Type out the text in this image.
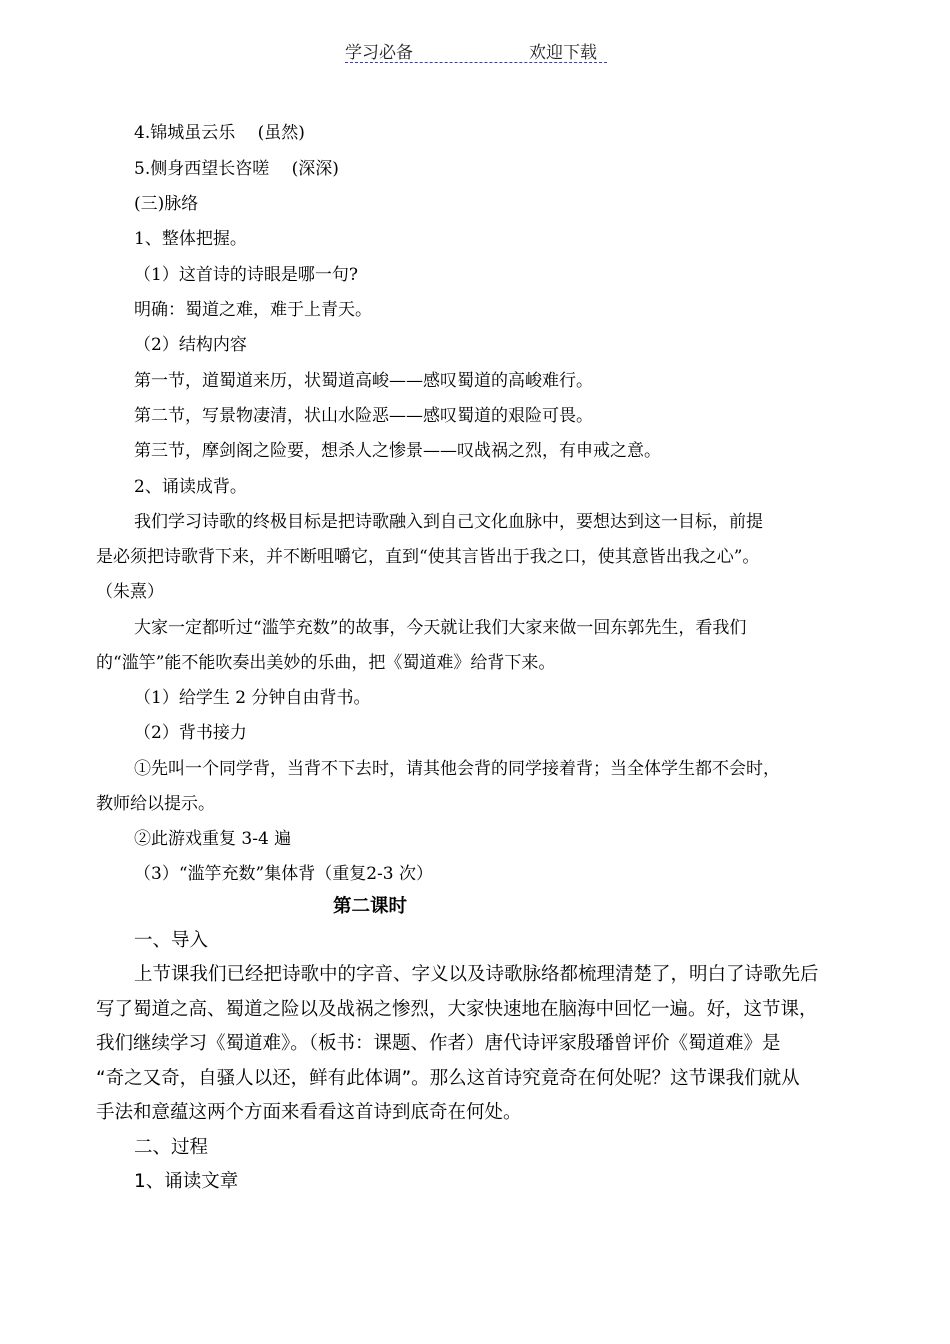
学习必备	欢迎下载
4.锦城虽云乐　 (虽然)
5.侧身西望长咨嗟　 (深深)
(三)脉络
1、整体把握。
（1）这首诗的诗眼是哪一句?
明确：蜀道之难，难于上青天。
（2）结构内容
第一节，道蜀道来历，状蜀道高峻——感叹蜀道的高峻难行。
第二节，写景物凄清，状山水险恶——感叹蜀道的艰险可畏。
第三节，摩剑阁之险要，想杀人之惨景——叹战祸之烈，有申戒之意。
2、诵读成背。
我们学习诗歌的终极目标是把诗歌融入到自己文化血脉中，要想达到这一目标，前提
是必须把诗歌背下来，并不断咀嚼它，直到“使其言皆出于我之口，使其意皆出我之心”。
（朱熹）
大家一定都听过“滥竽充数”的故事，今天就让我们大家来做一回东郭先生，看我们
的“滥竽”能不能吹奏出美妙的乐曲，把《蜀道难》给背下来。
（1）给学生 2 分钟自由背书。
（2）背书接力
①先叫一个同学背，当背不下去时，请其他会背的同学接着背；当全体学生都不会时，
教师给以提示。
②此游戏重复 3-4 遍
（3）“滥竽充数”集体背（重复2-3 次）
第二课时
一、导入
上节课我们已经把诗歌中的字音、字义以及诗歌脉络都梳理清楚了，明白了诗歌先后
写了蜀道之高、蜀道之险以及战祸之惨烈，大家快速地在脑海中回忆一遍。好，这节课，
我们继续学习《蜀道难》。（板书：课题、作者）唐代诗评家殷璠曾评价《蜀道难》是
“奇之又奇，自骚人以还，鲜有此体调”。那么这首诗究竟奇在何处呢？这节课我们就从
手法和意蕴这两个方面来看看这首诗到底奇在何处。
二、过程
1、诵读文章
